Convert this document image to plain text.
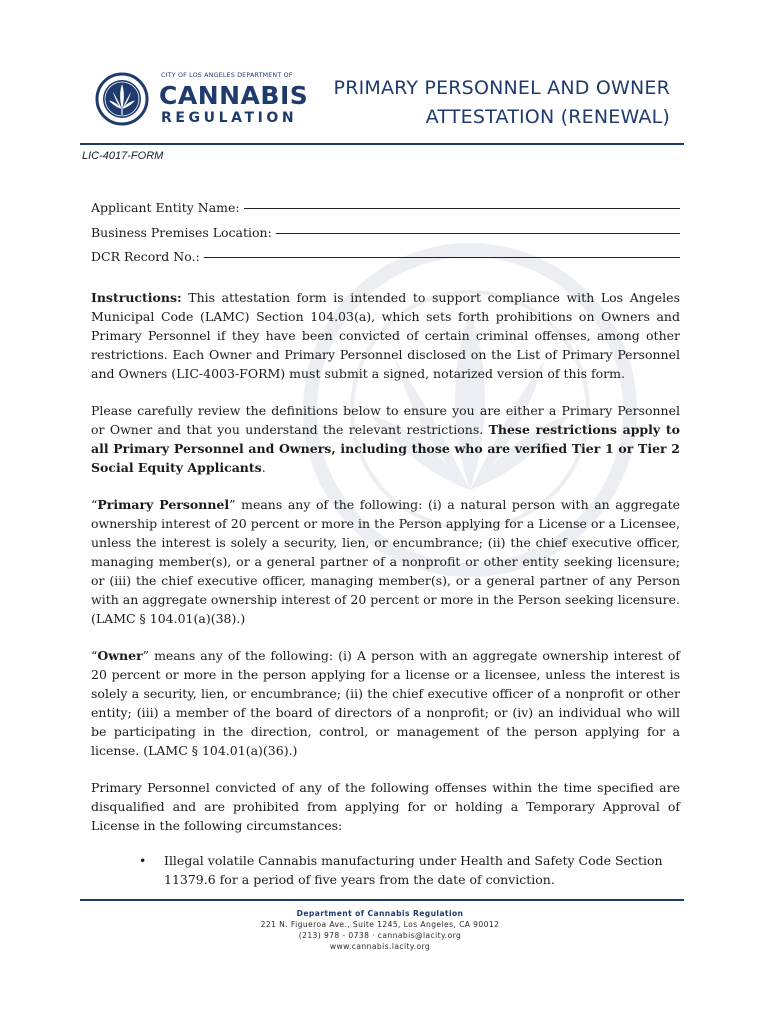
CITY OF LOS ANGELES DEPARTMENT OF
CANNABIS
REGULATION
PRIMARY PERSONNEL AND OWNER
ATTESTATION (RENEWAL)
LIC-4017-FORM
Applicant Entity Name:
Business Premises Location:
DCR Record No.:

Instructions: This attestation form is intended to support compliance with Los Angeles Municipal Code (LAMC) Section 104.03(a), which sets forth prohibitions on Owners and Primary Personnel if they have been convicted of certain criminal offenses, among other restrictions. Each Owner and Primary Personnel disclosed on the List of Primary Personnel and Owners (LIC-4003-FORM) must submit a signed, notarized version of this form.

Please carefully review the definitions below to ensure you are either a Primary Personnel or Owner and that you understand the relevant restrictions. These restrictions apply to all Primary Personnel and Owners, including those who are verified Tier 1 or Tier 2 Social Equity Applicants.

“Primary Personnel” means any of the following: (i) a natural person with an aggregate ownership interest of 20 percent or more in the Person applying for a License or a Licensee, unless the interest is solely a security, lien, or encumbrance; (ii) the chief executive officer, managing member(s), or a general partner of a nonprofit or other entity seeking licensure; or (iii) the chief executive officer, managing member(s), or a general partner of any Person with an aggregate ownership interest of 20 percent or more in the Person seeking licensure. (LAMC § 104.01(a)(38).)

“Owner” means any of the following: (i) A person with an aggregate ownership interest of 20 percent or more in the person applying for a license or a licensee, unless the interest is solely a security, lien, or encumbrance; (ii) the chief executive officer of a nonprofit or other entity; (iii) a member of the board of directors of a nonprofit; or (iv) an individual who will be participating in the direction, control, or management of the person applying for a license. (LAMC § 104.01(a)(36).)

Primary Personnel convicted of any of the following offenses within the time specified are disqualified and are prohibited from applying for or holding a Temporary Approval of License in the following circumstances:

• Illegal volatile Cannabis manufacturing under Health and Safety Code Section 11379.6 for a period of five years from the date of conviction.
Department of Cannabis Regulation
221 N. Figueroa Ave., Suite 1245, Los Angeles, CA 90012
(213) 978 - 0738 · cannabis@lacity.org
www.cannabis.lacity.org
